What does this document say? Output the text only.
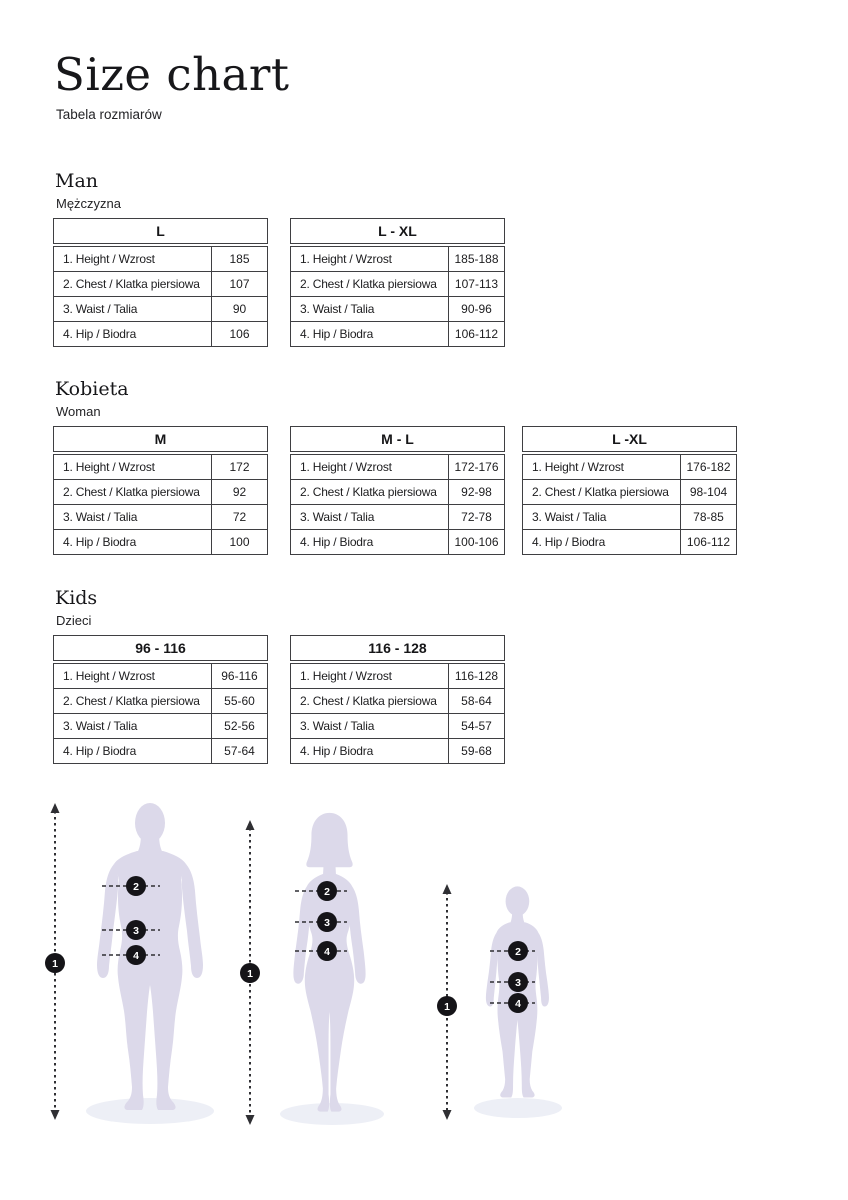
Size chart
Tabela rozmiarów
Man
Mężczyzna
L
1. Height / Wzrost	185
2. Chest / Klatka piersiowa	107
3. Waist / Talia	90
4. Hip / Biodra	106
L - XL
1. Height / Wzrost	185-188
2. Chest / Klatka piersiowa	107-113
3. Waist / Talia	90-96
4. Hip / Biodra	106-112
Kobieta
Woman
M
1. Height / Wzrost	172
2. Chest / Klatka piersiowa	92
3. Waist / Talia	72
4. Hip / Biodra	100
M - L
1. Height / Wzrost	172-176
2. Chest / Klatka piersiowa	92-98
3. Waist / Talia	72-78
4. Hip / Biodra	100-106
L -XL
1. Height / Wzrost	176-182
2. Chest / Klatka piersiowa	98-104
3. Waist / Talia	78-85
4. Hip / Biodra	106-112
Kids
Dzieci
96 - 116
1. Height / Wzrost	96-116
2. Chest / Klatka piersiowa	55-60
3. Waist / Talia	52-56
4. Hip / Biodra	57-64
116 - 128
1. Height / Wzrost	116-128
2. Chest / Klatka piersiowa	58-64
3. Waist / Talia	54-57
4. Hip / Biodra	59-68
1
2
3
4
1
2
3
4
1
2
3
4
